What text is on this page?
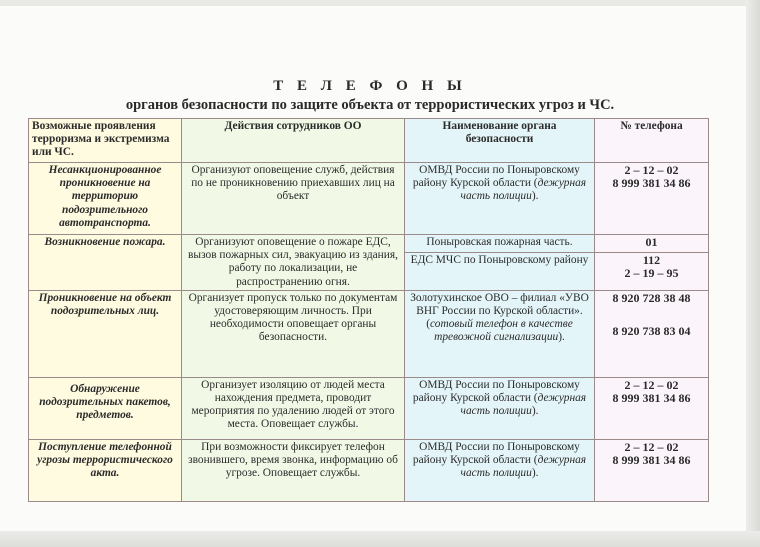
Т Е Л Е Ф О Н Ы
органов безопасности по защите объекта от террористических угроз и ЧС.
Возможные проявления терроризма и экстремизма или ЧС.	Действия сотрудников ОО	Наименование органа безопасности	№ телефона
Несанкционированное проникновение на территорию подозрительного автотранспорта.	Организуют оповещение служб, действия по не проникновению приехавших лиц на объект	ОМВД России по Поныровскому району Курской области (дежурная часть полиции).	2 – 12 – 02
8 999 381 34 86

Возникновение пожара.	Организуют оповещение о пожаре ЕДС, вызов пожарных сил, эвакуацию из здания, работу по локализации, не распространению огня.	Поныровская пожарная часть.	01
		ЕДС МЧС по Поныровскому району	112
2 – 19 – 95

Проникновение на объект подозрительных лиц.	Организует пропуск только по документам удостоверяющим личность. При необходимости оповещает органы безопасности.	Золотухинское ОВО – филиал «УВО ВНГ России по Курской области».
(сотовый телефон в качестве тревожной сигнализации).	8 920 728 38 48
8 920 738 83 04

Обнаружение подозрительных пакетов, предметов.	Организует изоляцию от людей места нахождения предмета, проводит мероприятия по удалению людей от этого места. Оповещает службы.	ОМВД России по Поныровскому району Курской области (дежурная часть полиции).	2 – 12 – 02
8 999 381 34 86

Поступление телефонной угрозы террористического акта.	При возможности фиксирует телефон звонившего, время звонка, информацию об угрозе. Оповещает службы.	ОМВД России по Поныровскому району Курской области (дежурная часть полиции).	2 – 12 – 02
8 999 381 34 86
